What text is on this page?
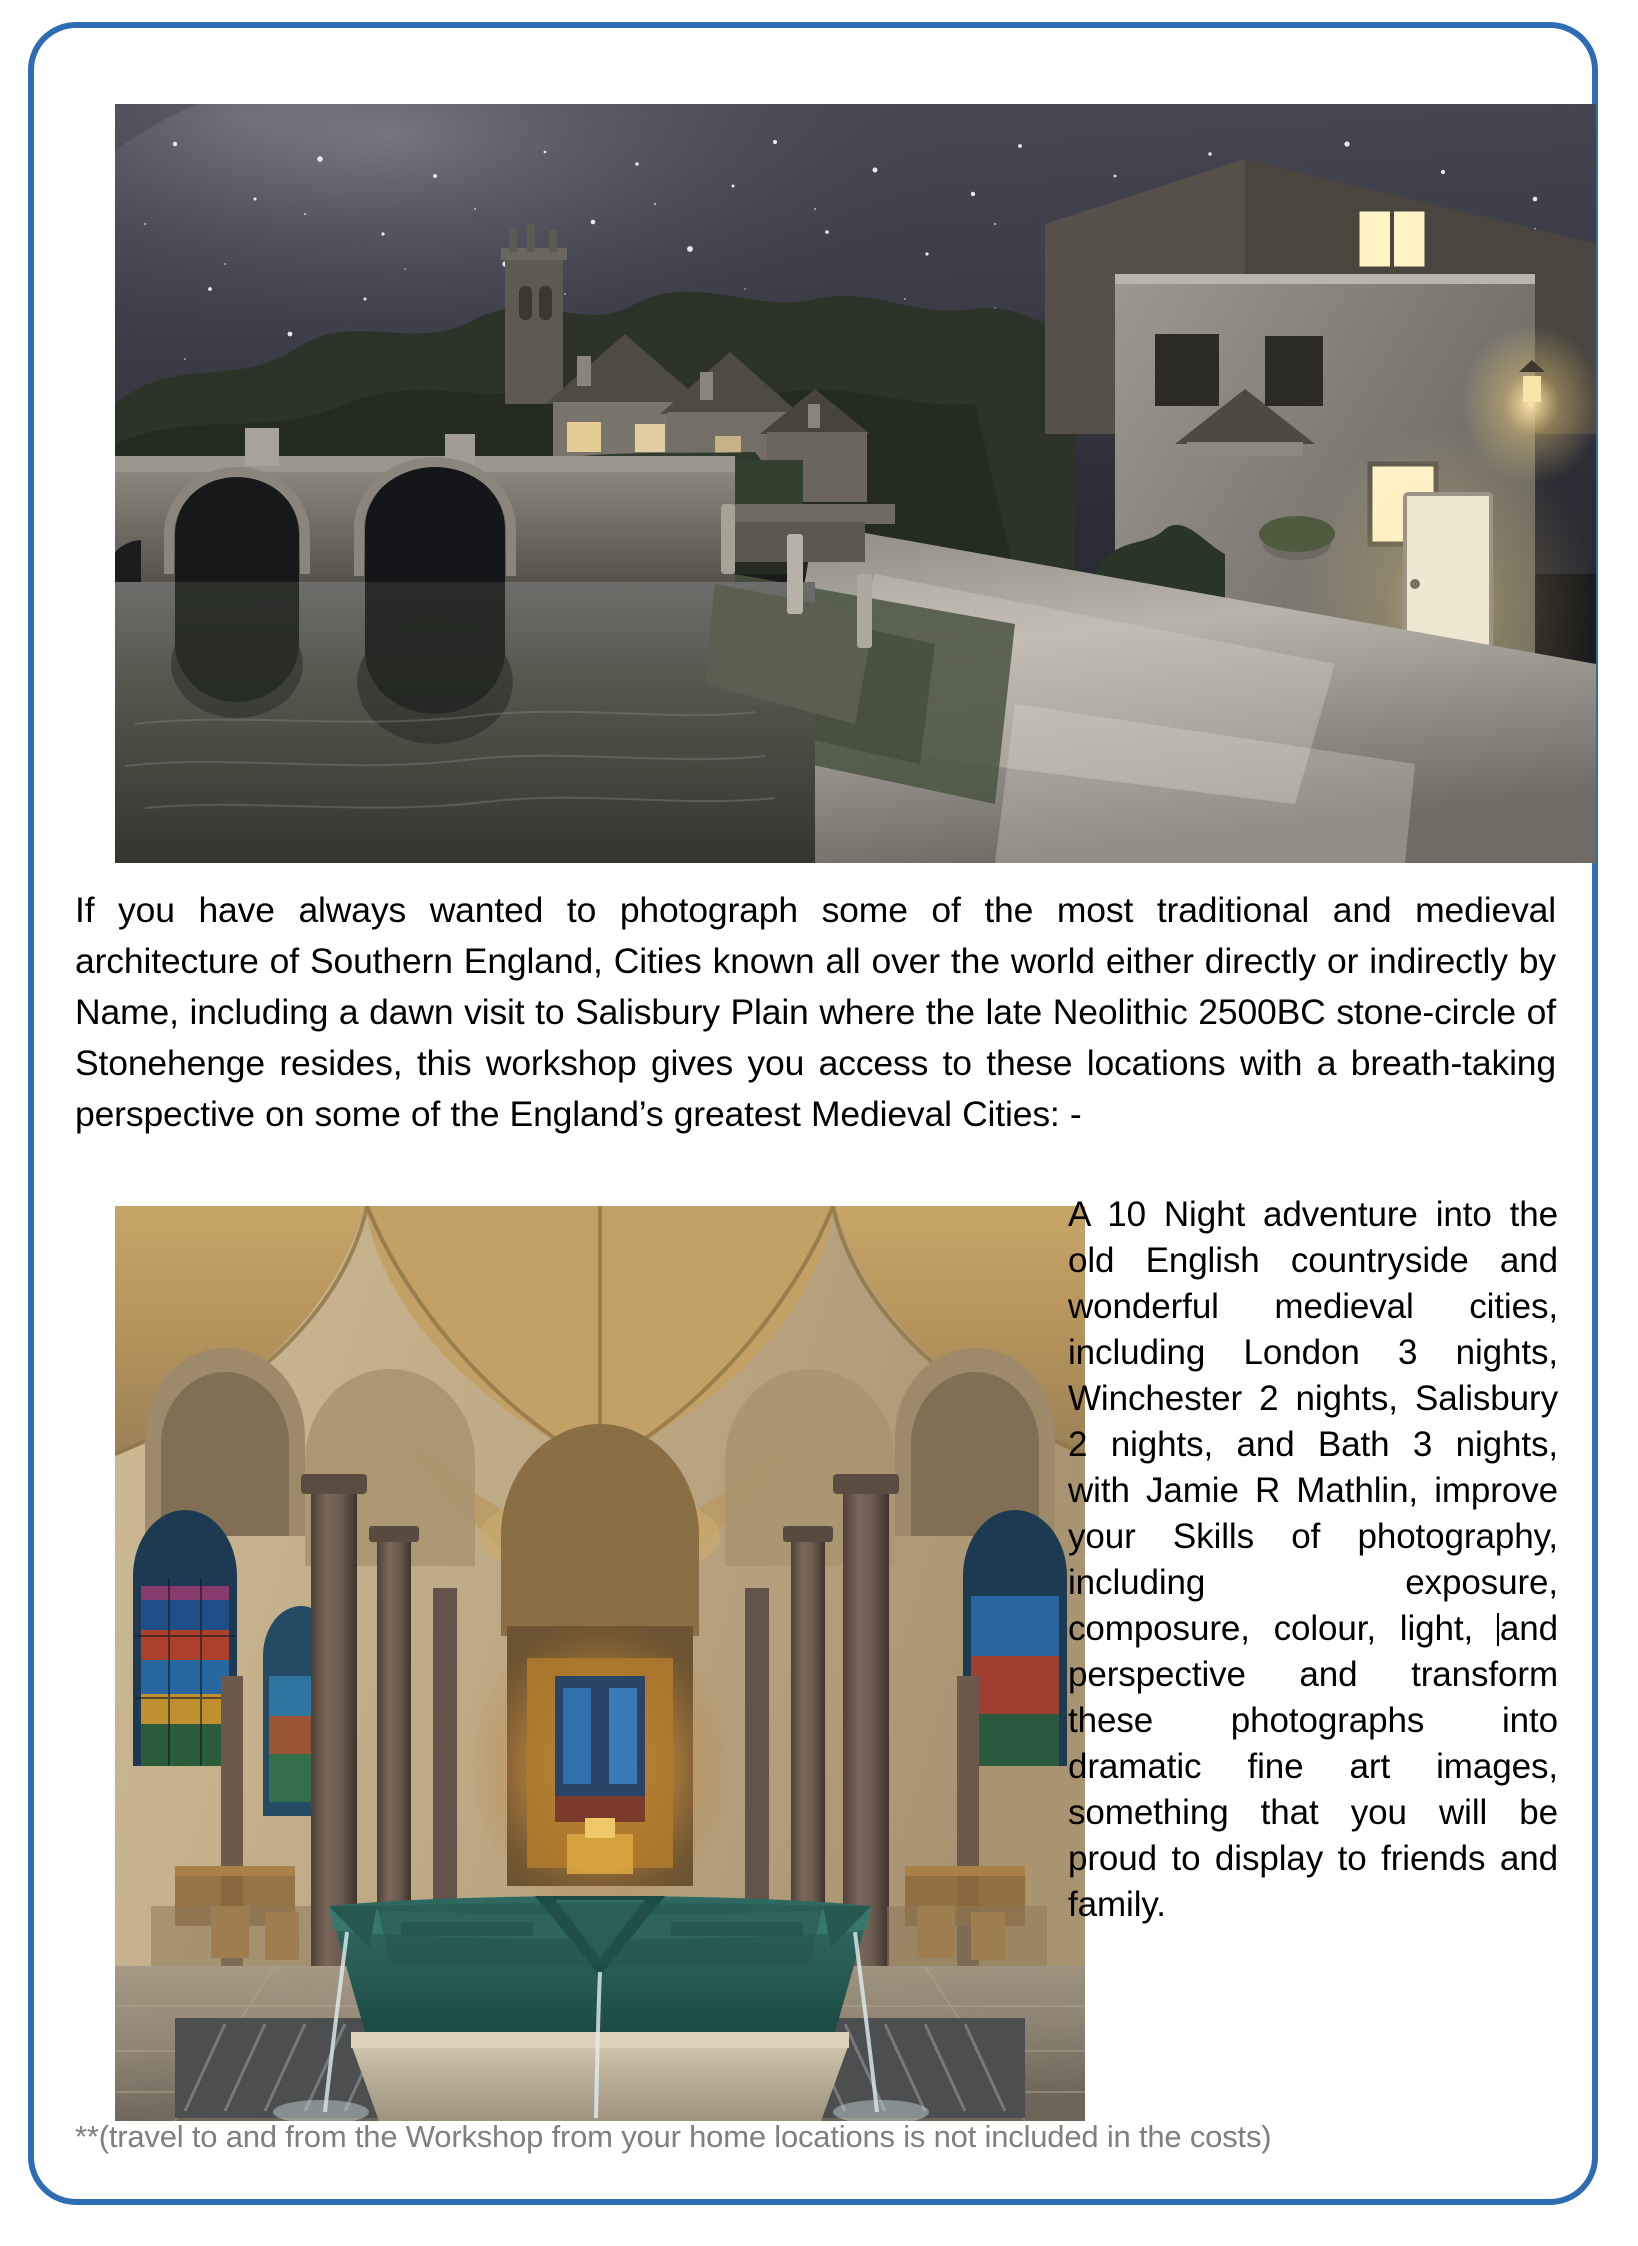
If you have always wanted to photograph some of the most traditional and medieval architecture of Southern England, Cities known all over the world either directly or indirectly by Name, including a dawn visit to Salisbury Plain where the late Neolithic 2500BC stone-circle of Stonehenge resides, this workshop gives you access to these locations with a breath-taking perspective on some of the England’s greatest Medieval Cities: -

A 10 Night adventure into the old English countryside and wonderful medieval cities, including London 3 nights, Winchester 2 nights, Salisbury 2 nights, and Bath 3 nights, with Jamie R Mathlin, improve your Skills of photography, including exposure, composure, colour, light, and perspective and transform these photographs into dramatic fine art images, something that you will be proud to display to friends and family.

**(travel to and from the Workshop from your home locations is not included in the costs)
